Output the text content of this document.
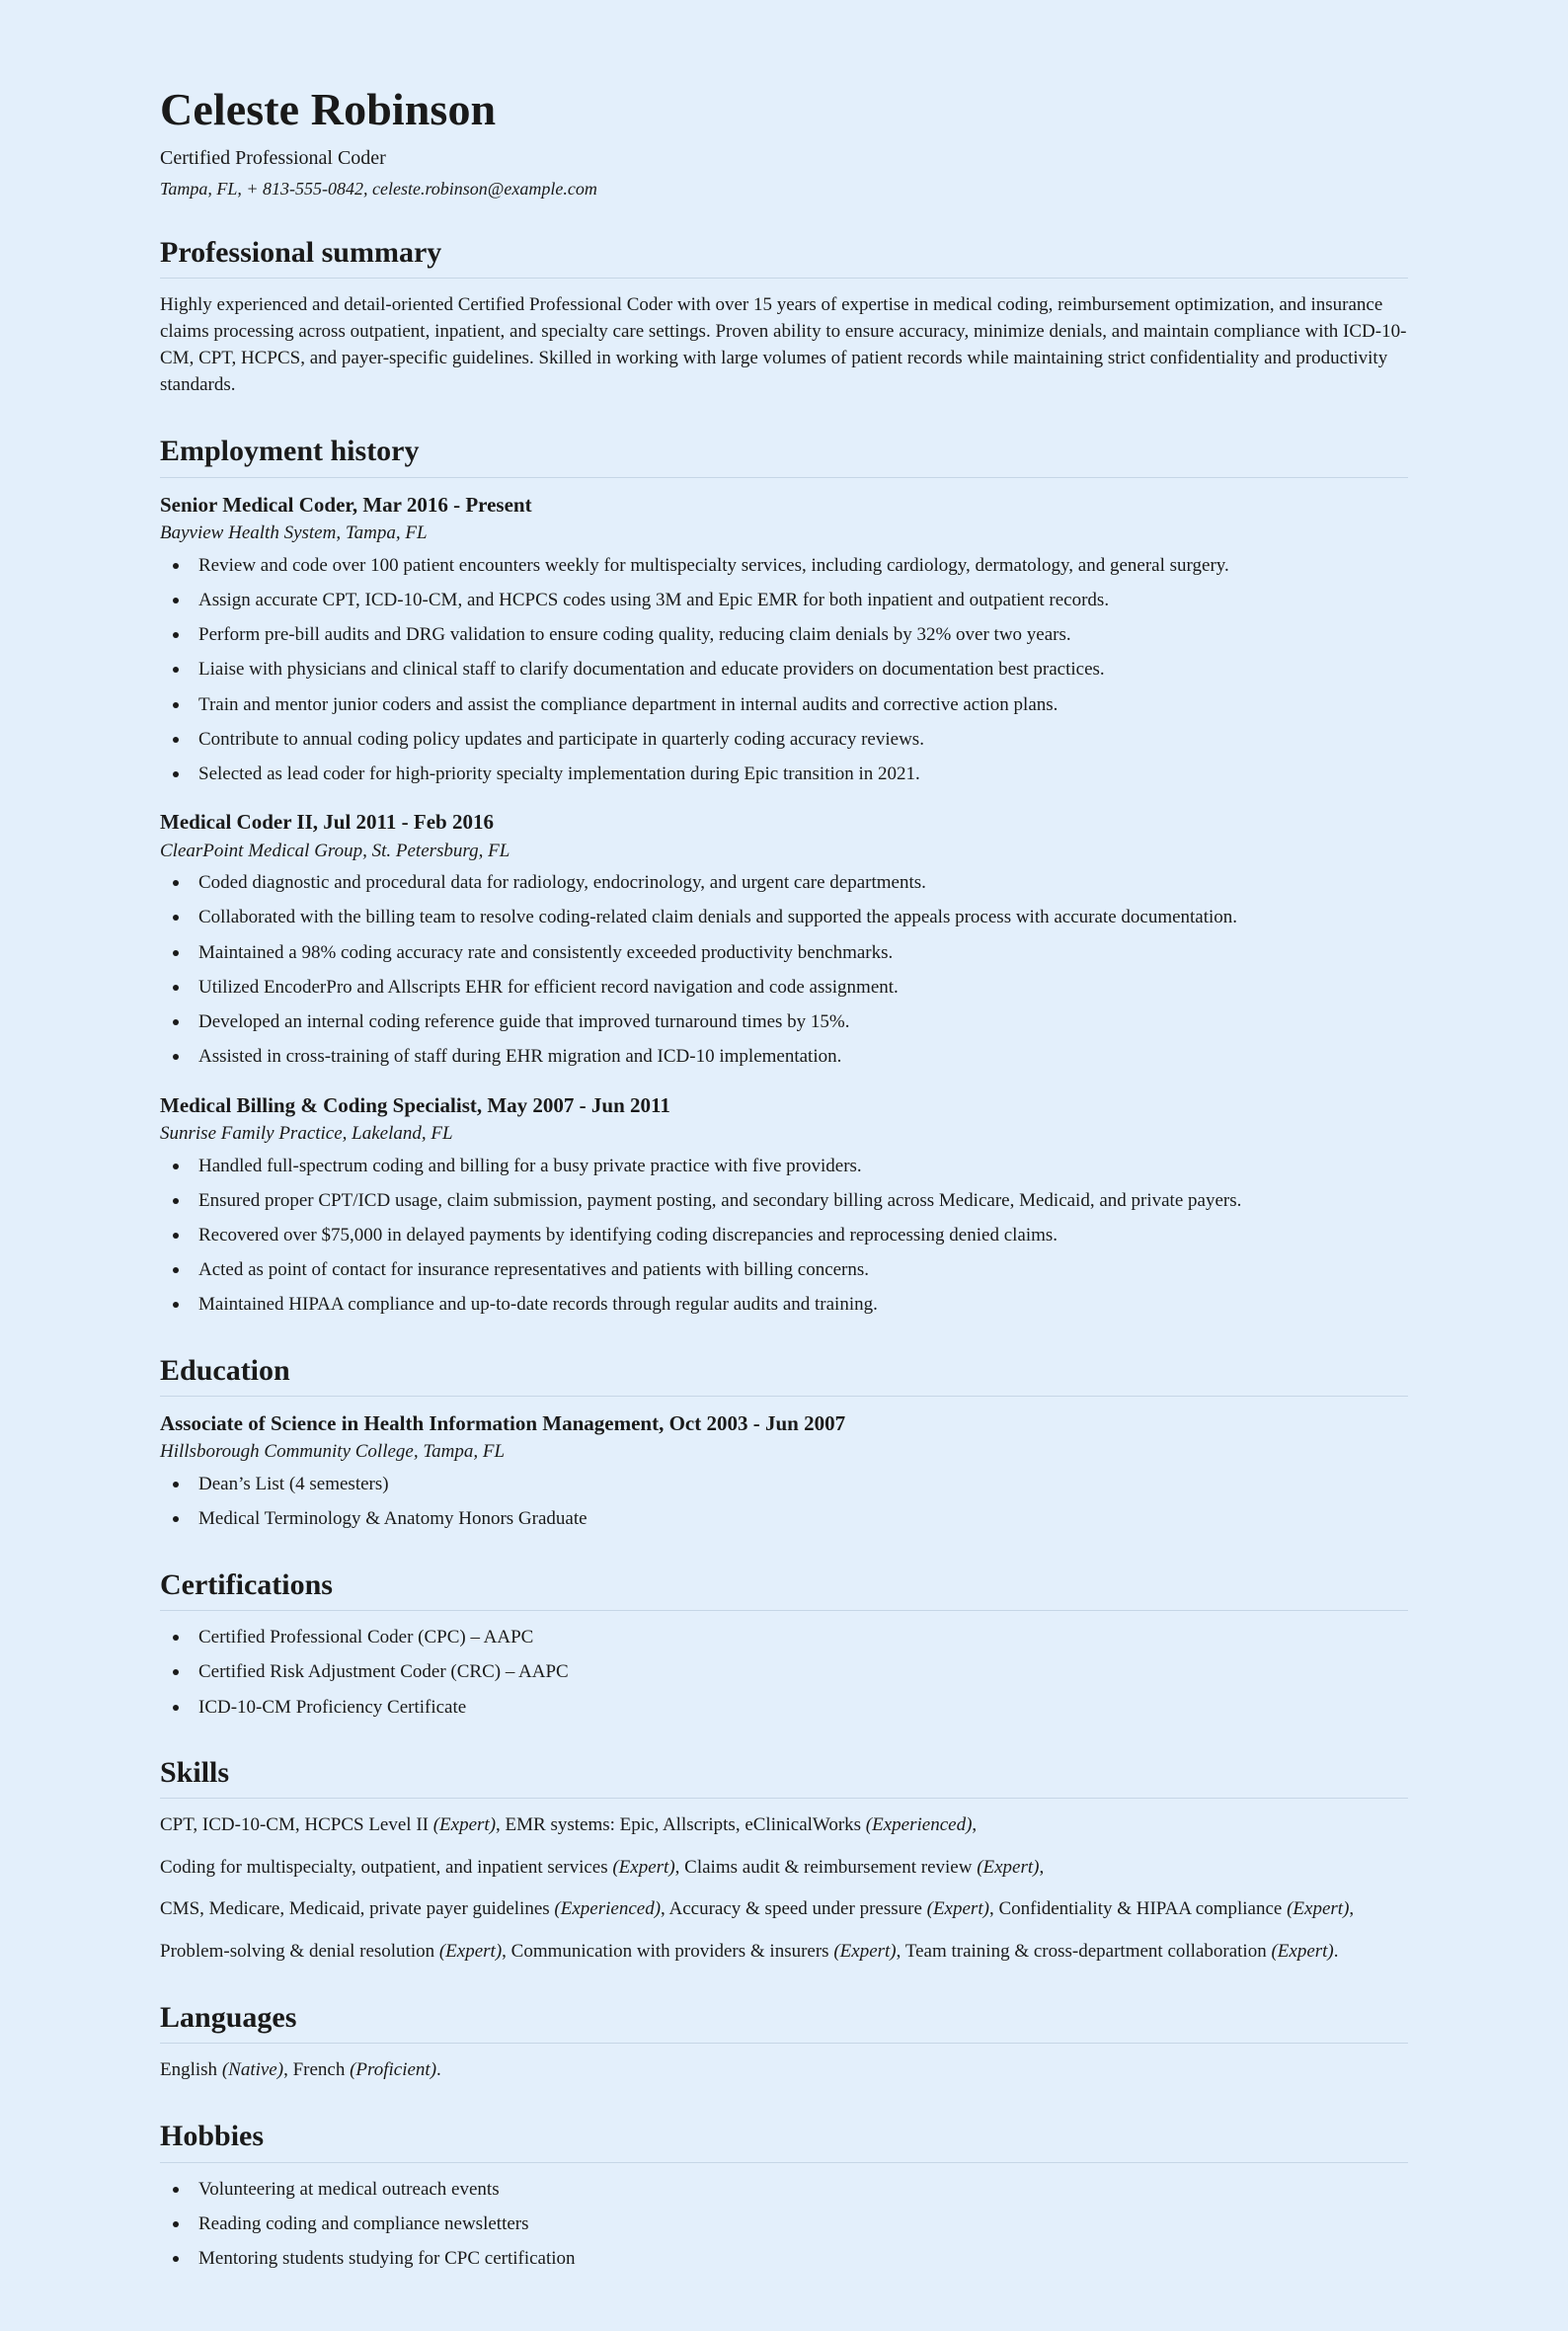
Celeste Robinson
Certified Professional Coder
Tampa, FL, + 813-555-0842, celeste.robinson@example.com
Professional summary

Highly experienced and detail-oriented Certified Professional Coder with over 15 years of expertise in medical coding, reimbursement optimization, and insurance claims processing across outpatient, inpatient, and specialty care settings. Proven ability to ensure accuracy, minimize denials, and maintain compliance with ICD-10-CM, CPT, HCPCS, and payer-specific guidelines. Skilled in working with large volumes of patient records while maintaining strict confidentiality and productivity standards.

Employment history
Senior Medical Coder, Mar 2016 - Present
Bayview Health System, Tampa, FL
Review and code over 100 patient encounters weekly for multispecialty services, including cardiology, dermatology, and general surgery.
Assign accurate CPT, ICD-10-CM, and HCPCS codes using 3M and Epic EMR for both inpatient and outpatient records.
Perform pre-bill audits and DRG validation to ensure coding quality, reducing claim denials by 32% over two years.
Liaise with physicians and clinical staff to clarify documentation and educate providers on documentation best practices.
Train and mentor junior coders and assist the compliance department in internal audits and corrective action plans.
Contribute to annual coding policy updates and participate in quarterly coding accuracy reviews.
Selected as lead coder for high-priority specialty implementation during Epic transition in 2021.
Medical Coder II, Jul 2011 - Feb 2016
ClearPoint Medical Group, St. Petersburg, FL
Coded diagnostic and procedural data for radiology, endocrinology, and urgent care departments.
Collaborated with the billing team to resolve coding-related claim denials and supported the appeals process with accurate documentation.
Maintained a 98% coding accuracy rate and consistently exceeded productivity benchmarks.
Utilized EncoderPro and Allscripts EHR for efficient record navigation and code assignment.
Developed an internal coding reference guide that improved turnaround times by 15%.
Assisted in cross-training of staff during EHR migration and ICD-10 implementation.
Medical Billing & Coding Specialist, May 2007 - Jun 2011
Sunrise Family Practice, Lakeland, FL
Handled full-spectrum coding and billing for a busy private practice with five providers.
Ensured proper CPT/ICD usage, claim submission, payment posting, and secondary billing across Medicare, Medicaid, and private payers.
Recovered over $75,000 in delayed payments by identifying coding discrepancies and reprocessing denied claims.
Acted as point of contact for insurance representatives and patients with billing concerns.
Maintained HIPAA compliance and up-to-date records through regular audits and training.
Education
Associate of Science in Health Information Management, Oct 2003 - Jun 2007
Hillsborough Community College, Tampa, FL
Dean’s List (4 semesters)
Medical Terminology & Anatomy Honors Graduate
Certifications
Certified Professional Coder (CPC) – AAPC
Certified Risk Adjustment Coder (CRC) – AAPC
ICD-10-CM Proficiency Certificate
Skills
CPT, ICD-10-CM, HCPCS Level II (Expert), EMR systems: Epic, Allscripts, eClinicalWorks (Experienced),
Coding for multispecialty, outpatient, and inpatient services (Expert), Claims audit & reimbursement review (Expert),
CMS, Medicare, Medicaid, private payer guidelines (Experienced), Accuracy & speed under pressure (Expert), Confidentiality & HIPAA compliance (Expert),
Problem-solving & denial resolution (Expert), Communication with providers & insurers (Expert), Team training & cross-department collaboration (Expert).
Languages
English (Native), French (Proficient).
Hobbies
Volunteering at medical outreach events
Reading coding and compliance newsletters
Mentoring students studying for CPC certification
